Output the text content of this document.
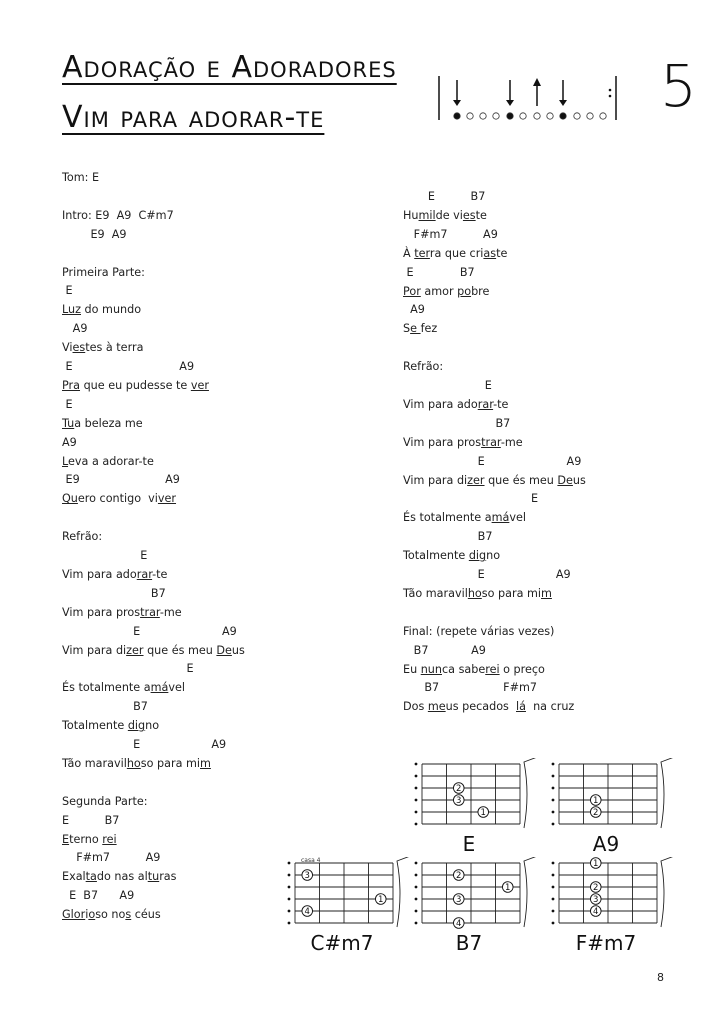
Adoração e Adoradores
Vim para adorar-te	5
Tom: E
Intro: E9  A9  C#m7
E9  A9
Primeira Parte:
E
Luz do mundo
A9
Viestes à terra
E                              A9
Pra que eu pudesse te ver
E
Tua beleza me
A9
Leva a adorar-te
E9                        A9
Quero contigo  viver
Refrão:
E
Vim para adorar-te
B7
Vim para prostrar-me
E                       A9
Vim para dizer que és meu Deus
E
És totalmente amável
B7
Totalmente digno
E                    A9
Tão maravilhoso para mim
Segunda Parte:
E          B7
Eterno rei
F#m7          A9
Exaltado nas alturas
E  B7      A9
Glorioso nos céus
E          B7
Humilde vieste
F#m7          A9
À terra que criaste
E             B7
Por amor pobre
A9
Se fez
Refrão:
E
Vim para adorar-te
B7
Vim para prostrar-me
E                       A9
Vim para dizer que és meu Deus
E
És totalmente amável
B7
Totalmente digno
E                    A9
Tão maravilhoso para mim
Final: (repete várias vezes)
B7            A9
Eu nunca saberei o preço
B7                  F#m7
Dos meus pecados  lá  na cruz
2
3
1
E
1
2
A9
casa 4
3
1
4
C#m7
2
1
3
4
B7
1
2
3
4
F#m7
8
